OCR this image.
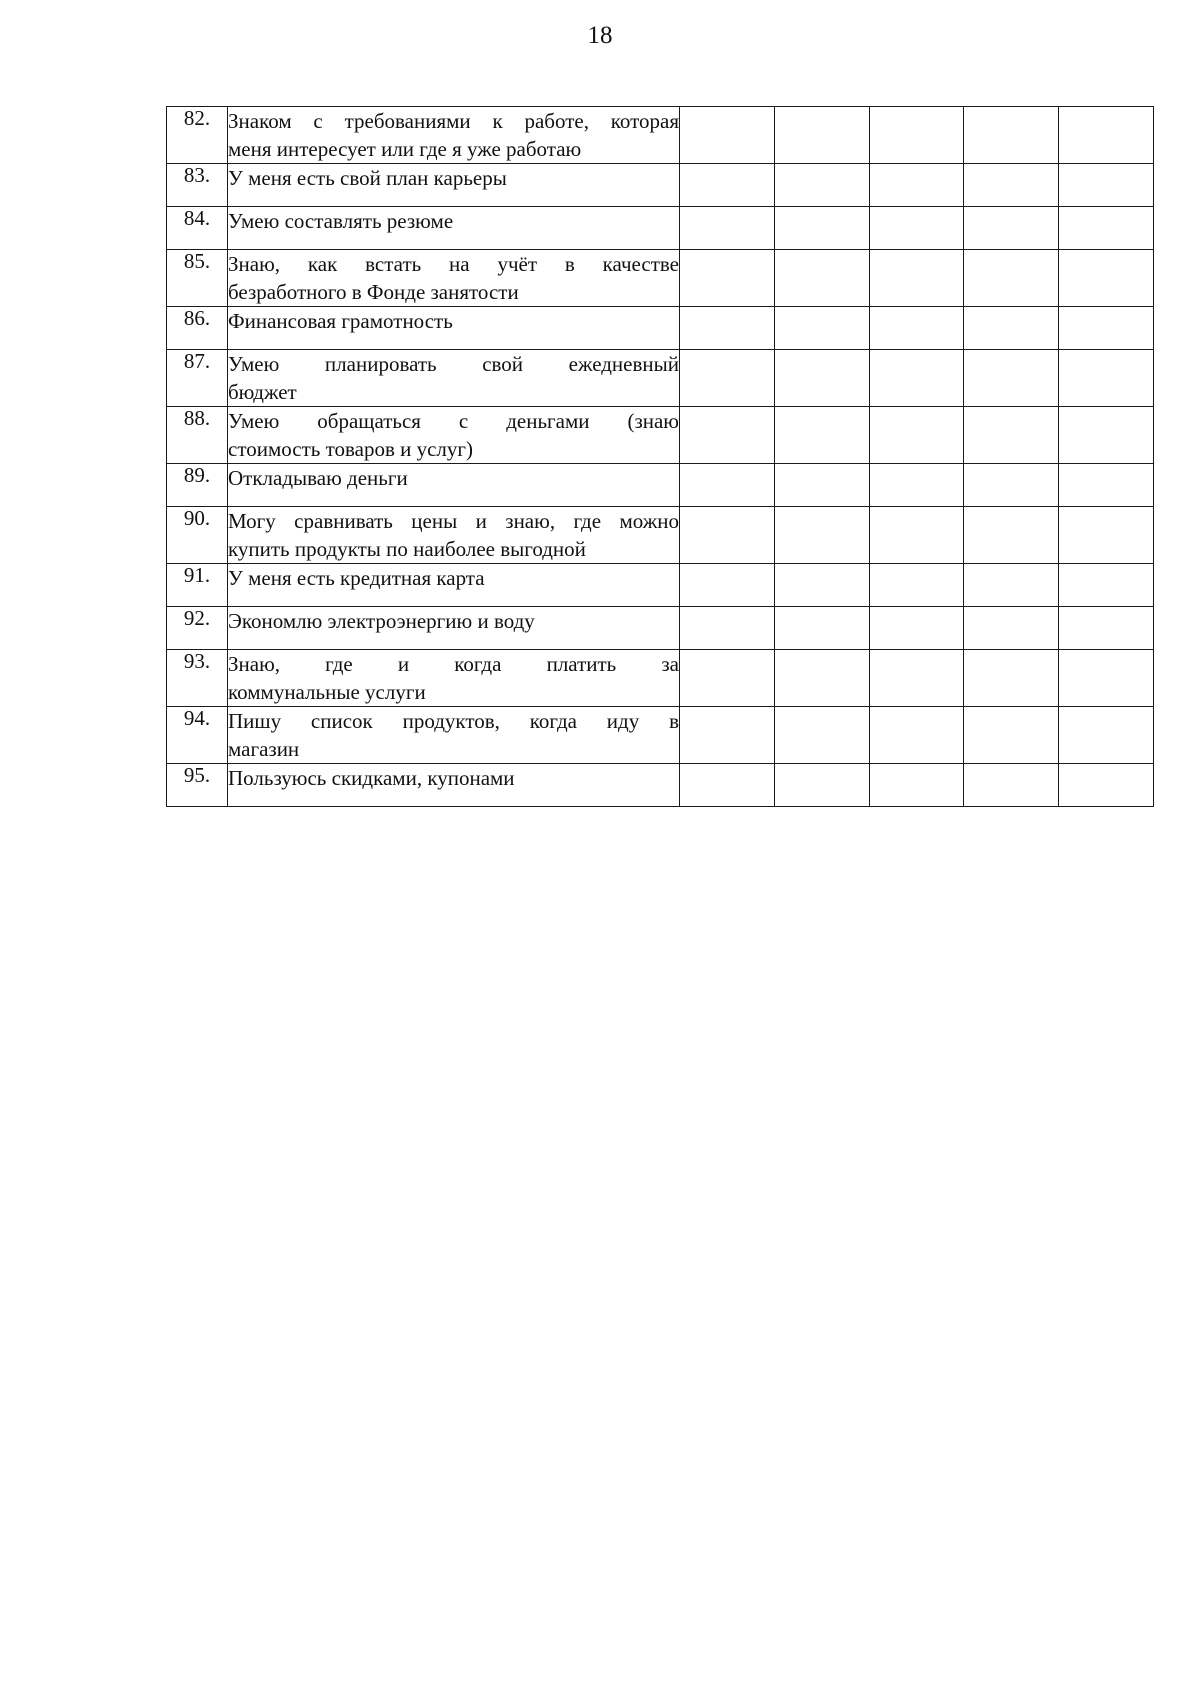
18
82.	Знаком с требованиями к работе, которая
меня интересует или где я уже работаю					

83.	У меня есть свой план карьеры					

84.	Умею составлять резюме					

85.	Знаю, как встать на учёт в качестве
безработного в Фонде занятости					

86.	Финансовая грамотность					

87.	Умею планировать свой ежедневный
бюджет					

88.	Умею обращаться с деньгами (знаю
стоимость товаров и услуг)					

89.	Откладываю деньги					

90.	Могу сравнивать цены и знаю, где можно
купить продукты по наиболее выгодной					

91.	У меня есть кредитная карта					

92.	Экономлю электроэнергию и воду					

93.	Знаю, где и когда платить за
коммунальные услуги					

94.	Пишу список продуктов, когда иду в
магазин					

95.	Пользуюсь скидками, купонами					
